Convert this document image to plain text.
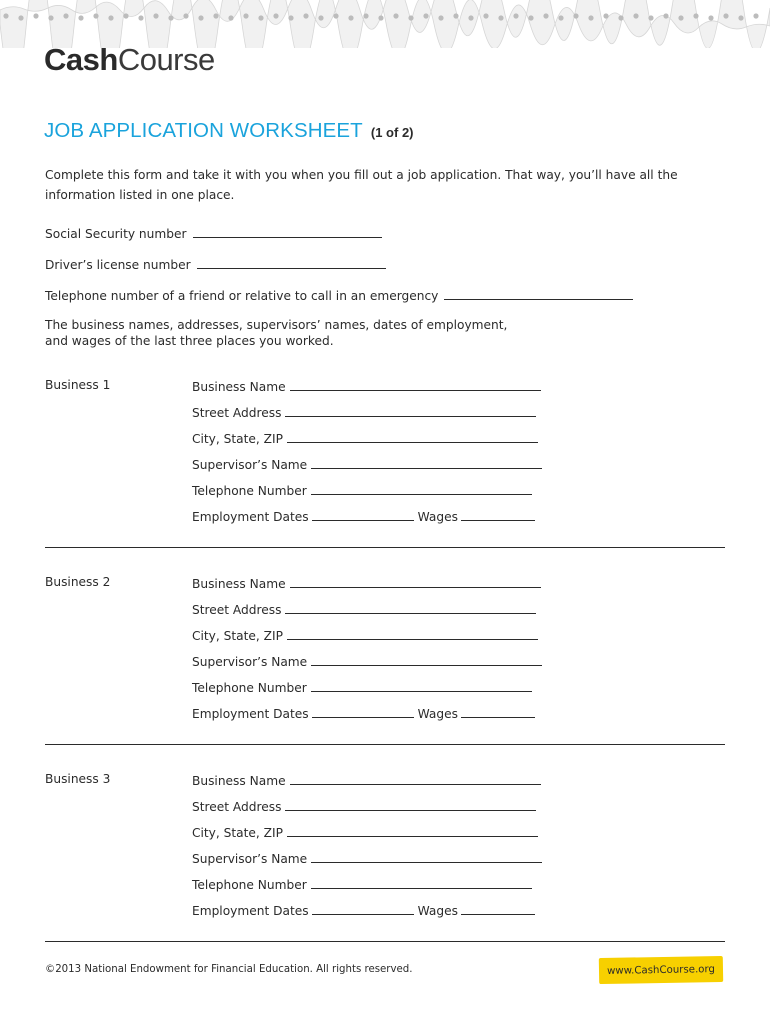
CashCourse
JOB APPLICATION WORKSHEET (1 of 2)
Complete this form and take it with you when you fill out a job application. That way, you’ll have all the information listed in one place.
Social Security number
Driver’s license number
Telephone number of a friend or relative to call in an emergency
The business names, addresses, supervisors’ names, dates of employment,
and wages of the last three places you worked.
Business 1	Business Name
Street Address
City, State, ZIP
Supervisor’s Name
Telephone Number
Employment Dates	Wages
Business 2	Business Name
Street Address
City, State, ZIP
Supervisor’s Name
Telephone Number
Employment Dates	Wages
Business 3	Business Name
Street Address
City, State, ZIP
Supervisor’s Name
Telephone Number
Employment Dates	Wages
©2013 National Endowment for Financial Education. All rights reserved.	www.CashCourse.org
